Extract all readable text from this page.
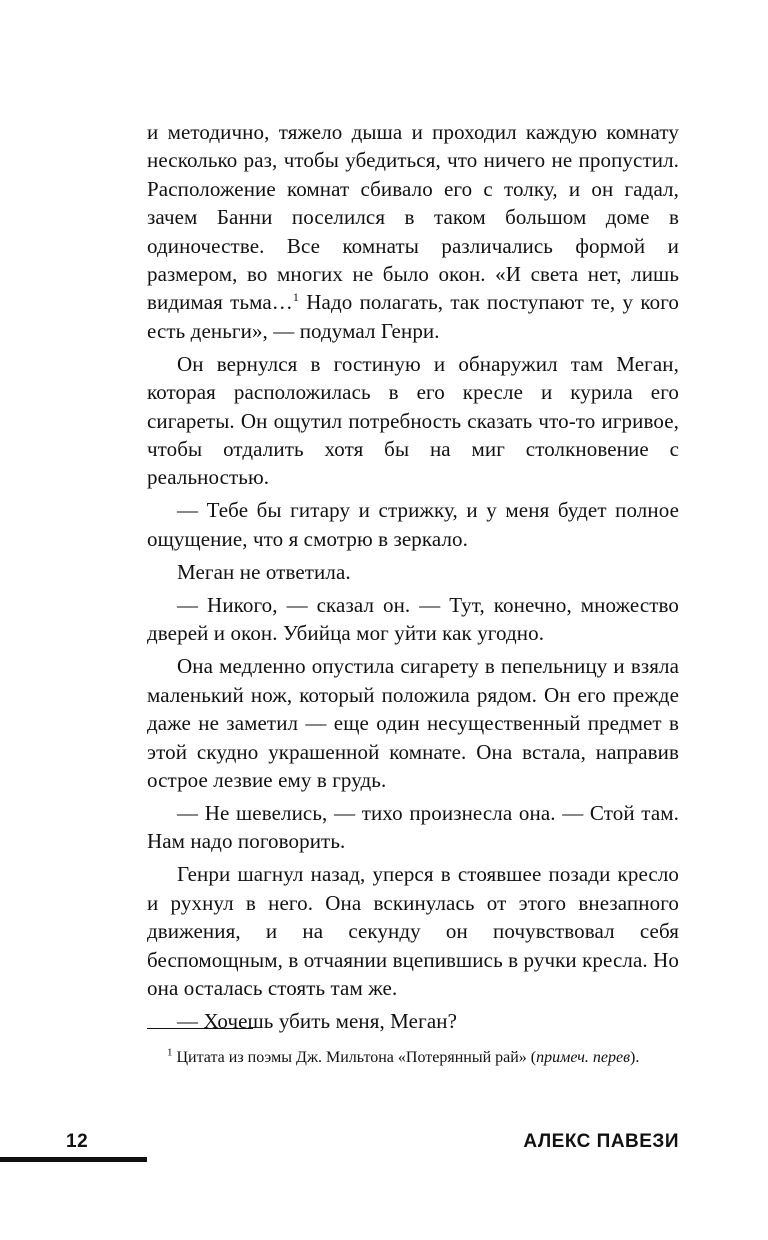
и методично, тяжело дыша и проходил каждую комнату несколько раз, чтобы убедиться, что ничего не пропустил. Расположение комнат сбивало его с толку, и он гадал, зачем Банни поселился в таком большом доме в одиночестве. Все комнаты различались формой и размером, во многих не было окон. «И света нет, лишь видимая тьма…$^1$ Надо полагать, так поступают те, у кого есть деньги», — подумал Генри.

Он вернулся в гостиную и обнаружил там Меган, которая расположилась в его кресле и курила его сигареты. Он ощутил потребность сказать что-то игривое, чтобы отдалить хотя бы на миг столкновение с реальностью.

— Тебе бы гитару и стрижку, и у меня будет полное ощущение, что я смотрю в зеркало.

Меган не ответила.

— Никого, — сказал он. — Тут, конечно, множество дверей и окон. Убийца мог уйти как угодно.

Она медленно опустила сигарету в пепельницу и взяла маленький нож, который положила рядом. Он его прежде даже не заметил — еще один несущественный предмет в этой скудно украшенной комнате. Она встала, направив острое лезвие ему в грудь.

— Не шевелись, — тихо произнесла она. — Стой там. Нам надо поговорить.

Генри шагнул назад, уперся в стоявшее позади кресло и рухнул в него. Она вскинулась от этого внезапного движения, и на секунду он почувствовал себя беспомощным, в отчаянии вцепившись в ручки кресла. Но она осталась стоять там же.

— Хочешь убить меня, Меган?

$^1$ Цитата из поэмы Дж. Мильтона «Потерянный рай» (примеч. перев).
12	АЛЕКС ПАВЕЗИ
